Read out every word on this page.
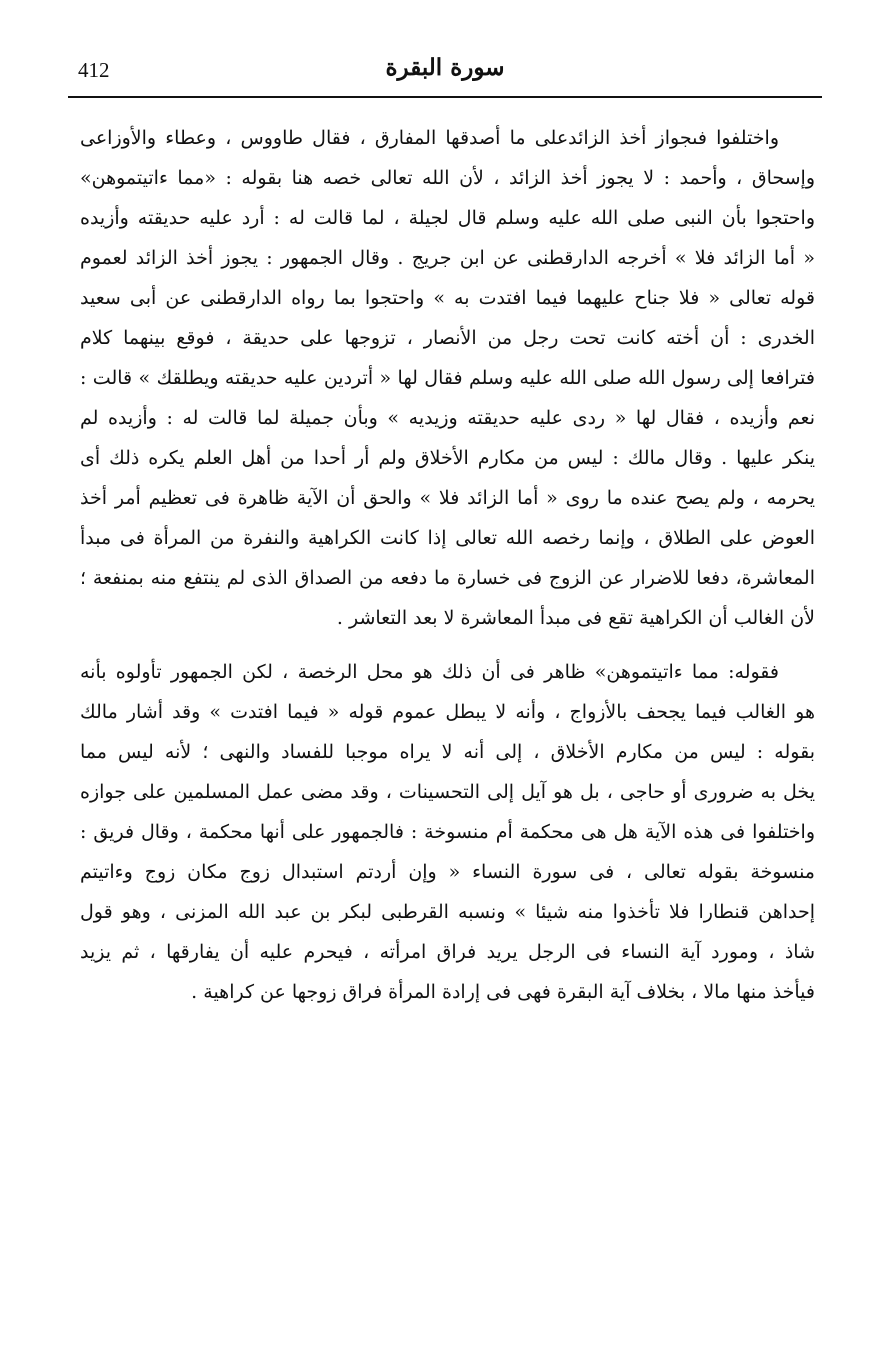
412	سورة البقرة
واختلفوا فىجواز أخذ الزائدعلى ما أصدقها المفارق ، فقال طاووس ، وعطاء والأوزاعى
وإسحاق ، وأحمد : لا يجوز أخذ الزائد ، لأن الله تعالى خصه هنا بقوله : «مما ءاتيتموهن»
واحتجوا بأن النبى صلى الله عليه وسلم قال لجيلة ، لما قالت له : أرد عليه حديقته وأزيده
« أما الزائد فلا » أخرجه الدارقطنى عن ابن جريج . وقال الجمهور : يجوز أخذ الزائد لعموم
قوله تعالى « فلا جناح عليهما فيما افتدت به » واحتجوا بما رواه الدارقطنى عن أبى سعيد
الخدرى : أن أخته كانت تحت رجل من الأنصار ، تزوجها على حديقة ، فوقع بينهما كلام
فترافعا إلى رسول الله صلى الله عليه وسلم فقال لها « أتردين عليه حديقته ويطلقك » قالت :
نعم وأزيده ، فقال لها « ردى عليه حديقته وزيديه » وبأن جميلة لما قالت له : وأزيده لم
ينكر عليها . وقال مالك : ليس من مكارم الأخلاق ولم أر أحدا من أهل العلم يكره ذلك أى
يحرمه ، ولم يصح عنده ما روى « أما الزائد فلا » والحق أن الآية ظاهرة فى تعظيم أمر أخذ
العوض على الطلاق ، وإنما رخصه الله تعالى إذا كانت الكراهية والنفرة من المرأة فى مبدأ
المعاشرة، دفعا للاضرار عن الزوج فى خسارة ما دفعه من الصداق الذى لم ينتفع منه بمنفعة ؛
لأن الغالب أن الكراهية تقع فى مبدأ المعاشرة لا بعد التعاشر .
فقوله: مما ءاتيتموهن» ظاهر فى أن ذلك هو محل الرخصة ، لكن الجمهور تأولوه بأنه
هو الغالب فيما يجحف بالأزواج ، وأنه لا يبطل عموم قوله « فيما افتدت » وقد أشار مالك
بقوله : ليس من مكارم الأخلاق ، إلى أنه لا يراه موجبا للفساد والنهى ؛ لأنه ليس مما
يخل به ضرورى أو حاجى ، بل هو آيل إلى التحسينات ، وقد مضى عمل المسلمين على جوازه
واختلفوا فى هذه الآية هل هى محكمة أم منسوخة : فالجمهور على أنها محكمة ، وقال فريق :
منسوخة بقوله تعالى ، فى سورة النساء « وإن أردتم استبدال زوج مكان زوج وءاتيتم
إحداهن قنطارا فلا تأخذوا منه شيئا » ونسبه القرطبى لبكر بن عبد الله المزنى ، وهو قول
شاذ ، ومورد آية النساء فى الرجل يريد فراق امرأته ، فيحرم عليه أن يفارقها ، ثم يزيد
فيأخذ منها مالا ، بخلاف آية البقرة فهى فى إرادة المرأة فراق زوجها عن كراهية .
